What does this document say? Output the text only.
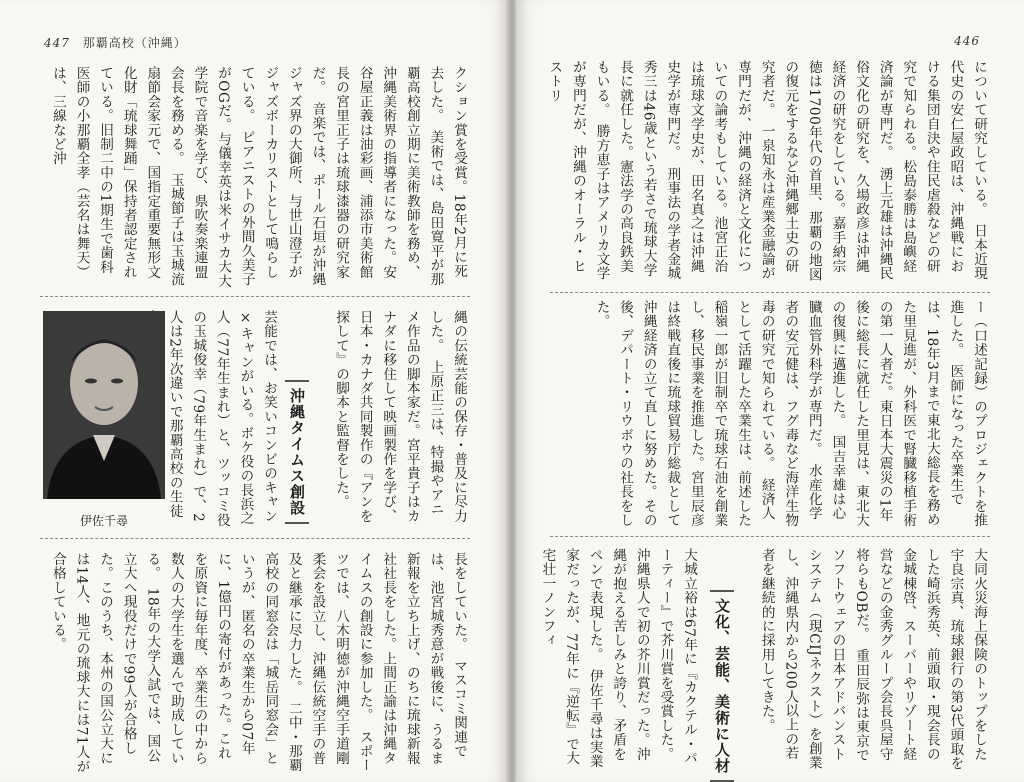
447 那覇高校（沖縄）
クション賞を受賞。18年2月に死去した。　美術では、島田寛平が那覇高校創立期に美術教師を務め、沖縄美術界の指導者になった。安谷屋正義は油彩画、浦添市美術館長の宮里正子は琉球漆器の研究家だ。　音楽では、ポール石垣が沖縄ジャズ界の大御所、与世山澄子がジャズボーカリストとして鳴らしている。　ピアニストの外間久美子がOGだ。与儀幸英は米イサカ大大学院で音楽を学び、県吹奏楽連盟会長を務める。　玉城節子は玉城流扇節会家元で、国指定重要無形文化財「琉球舞踊」保持者認定されている。旧制二中の1期生で歯科医師の小那覇全孝（芸名は舞天）は、三線など沖
縄の伝統芸能の保存・普及に尽力した。　上原正三は、特撮やアニメ作品の脚本家だ。宮平貴子はカナダに移住して映画製作を学び、日本・カナダ共同製作の『アンを探して』の脚本と監督をした。
沖縄タイムス創設
芸能では、お笑いコンビのキャン×キャンがいる。ボケ役の長浜之人（77年生まれ）と、ツッコミ役の玉城俊幸（79年生まれ）で、2人は2年次違いで那覇高校の生徒
伊佐千尋
長をしていた。　マスコミ関連では、池宮城秀意が戦後に、うるま新報を立ち上げ、のちに琉球新報社社長をした。上間正諭は沖縄タイムスの創設に参加した。　スポーツでは、八木明徳が沖縄空手道剛柔会を設立し、沖縄伝統空手の普及と継承に尽力した。　二中・那覇高校の同窓会は「城岳同窓会」というが、匿名の卒業生から07年に、1億円の寄付があった。これを原資に毎年度、卒業生の中から数人の大学生を選んで助成している。　18年の大学入試では、国公立大へ現役だけで99人が合格した。このうち、本州の国公立大には14人、地元の琉球大には71人が合格している。
446
について研究している。　日本近現代史の安仁屋政昭は、沖縄戦における集団自決や住民虐殺などの研究で知られる。松島泰勝は島嶼経済論が専門だ。　湧上元雄は沖縄民俗文化の研究を、久場政彦は沖縄経済の研究をしている。嘉手納宗徳は1700年代の首里、那覇の地図の復元をするなど沖縄郷土史の研究者だ。　一泉知永は産業金融論が専門だが、沖縄の経済と文化についての論考もしている。池宮正治は琉球文学史が、田名真之は沖縄史学が専門だ。　刑事法の学者金城秀三は46歳という若さで琉球大学長に就任した。憲法学の高良鉄美もいる。　勝方恵子はアメリカ文学が専門だが、沖縄のオーラル・ヒストリ
ー（口述記録）のプロジェクトを推進した。　医師になった卒業生では、18年3月まで東北大総長を務めた里見進が、外科医で腎臓移植手術の第一人者だ。東日本大震災の1年後に総長に就任した里見は、東北大の復興に邁進した。　国吉幸雄は心臓血管外科学が専門だ。　水産化学者の安元健は、フグ毒など海洋生物毒の研究で知られている。　経済人として活躍した卒業生は、前述した稲嶺一郎が旧制卒で琉球石油を創業し、移民事業を推進した。宮里辰彦は終戦直後に琉球貿易庁総裁として沖縄経済の立て直しに努めた。その後、デパート・リウボウの社長をした。
大同火災海上保険のトップをした宇良宗真、琉球銀行の第3代頭取をした崎浜秀英、前頭取・現会長の金城棟啓、スーパーやリゾート経営などの金秀グループ会長呉屋守将らもOBだ。　重田辰弥は東京でソフトウェアの日本アドバンストシステム（現CIJネクスト）を創業し、沖縄県内から200人以上の若者を継続的に採用してきた。
文化、芸能、美術に人材
大城立裕は67年に『カクテル・パーティー』で芥川賞を受賞した。沖縄県人で初の芥川賞だった。沖縄が抱える苦しみと誇り、矛盾をペンで表現した。　伊佐千尋は実業家だったが、77年に『逆転』で大宅壮一ノンフィ
